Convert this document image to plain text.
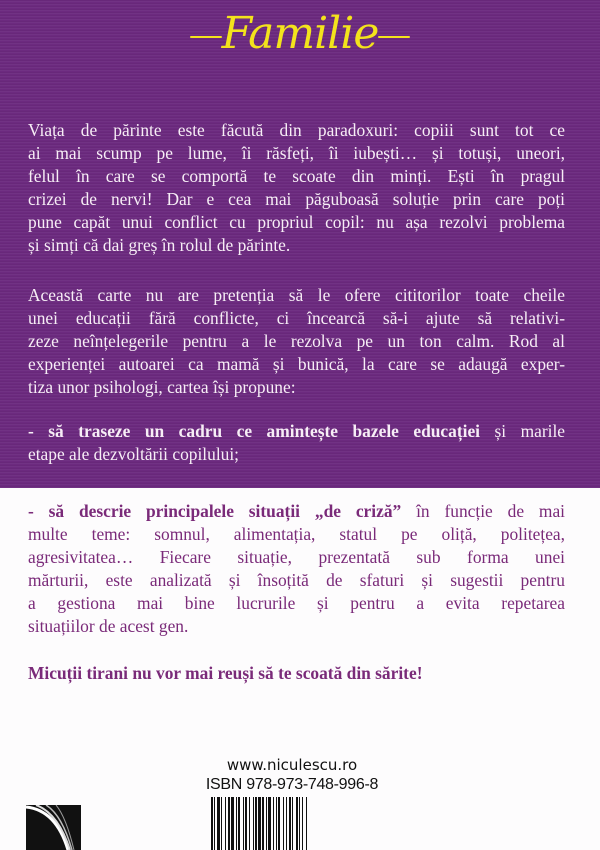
Familie
Viața de părinte este făcută din paradoxuri: copiii sunt tot ce
ai mai scump pe lume, îi răsfeți, îi iubești… și totuși, uneori,
felul în care se comportă te scoate din minți. Ești în pragul
crizei de nervi! Dar e cea mai păguboasă soluție prin care poți
pune capăt unui conflict cu propriul copil: nu așa rezolvi problema
și simți că dai greș în rolul de părinte.
Această carte nu are pretenția să le ofere cititorilor toate cheile
unei educații fără conflicte, ci încearcă să-i ajute să relativi-
zeze neînțelegerile pentru a le rezolva pe un ton calm. Rod al
experienței autoarei ca mamă și bunică, la care se adaugă exper-
tiza unor psihologi, cartea își propune:
- să traseze un cadru ce amintește bazele educației și marile
etape ale dezvoltării copilului;
- să descrie principalele situații „de criză” în funcție de mai
multe teme: somnul, alimentația, statul pe oliță, politețea,
agresivitatea… Fiecare situație, prezentată sub forma unei
mărturii, este analizată și însoțită de sfaturi și sugestii pentru
a gestiona mai bine lucrurile și pentru a evita repetarea
situațiilor de acest gen.
Micuții tirani nu vor mai reuși să te scoată din sărite!
www.niculescu.ro
ISBN 978-973-748-996-8
